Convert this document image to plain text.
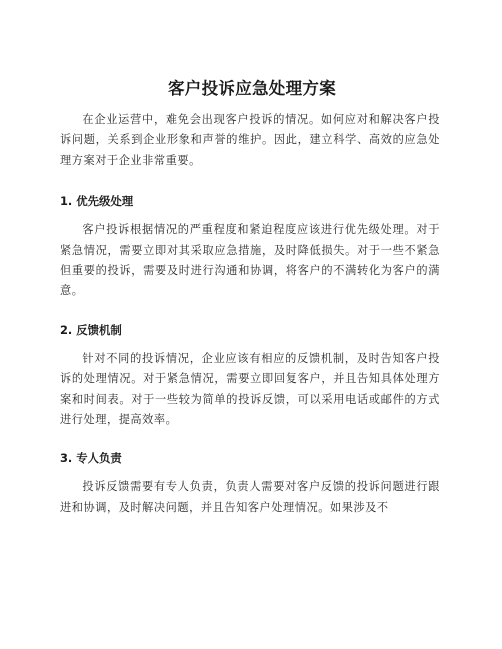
客户投诉应急处理方案

在企业运营中，难免会出现客户投诉的情况。如何应对和解决客户投诉问题，关系到企业形象和声誉的维护。因此，建立科学、高效的应急处理方案对于企业非常重要。

1. 优先级处理

客户投诉根据情况的严重程度和紧迫程度应该进行优先级处理。对于紧急情况，需要立即对其采取应急措施，及时降低损失。对于一些不紧急但重要的投诉，需要及时进行沟通和协调，将客户的不满转化为客户的满意。

2. 反馈机制

针对不同的投诉情况，企业应该有相应的反馈机制，及时告知客户投诉的处理情况。对于紧急情况，需要立即回复客户，并且告知具体处理方案和时间表。对于一些较为简单的投诉反馈，可以采用电话或邮件的方式进行处理，提高效率。

3. 专人负责

投诉反馈需要有专人负责，负责人需要对客户反馈的投诉问题进行跟进和协调，及时解决问题，并且告知客户处理情况。如果涉及不
